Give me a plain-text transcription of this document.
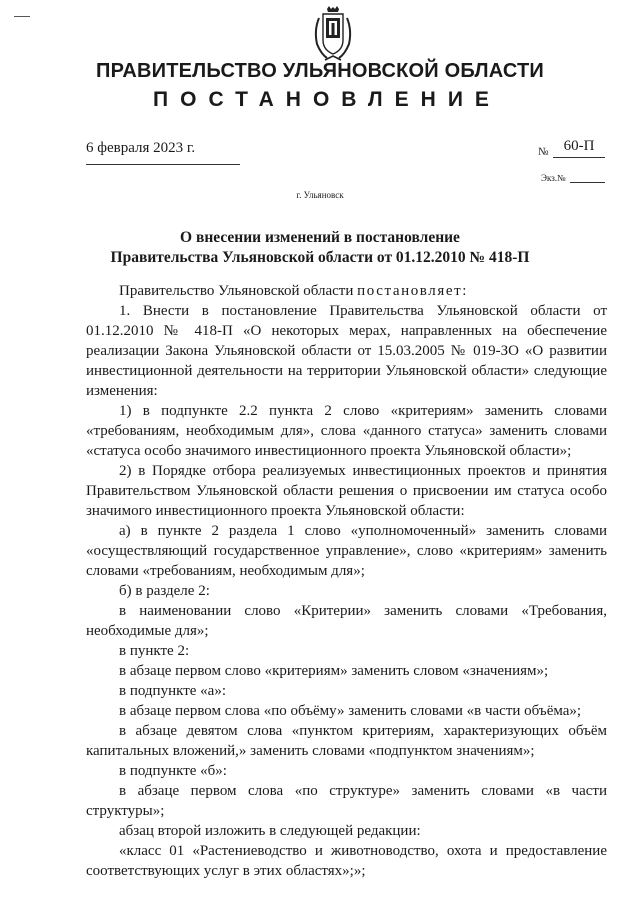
ПРАВИТЕЛЬСТВО УЛЬЯНОВСКОЙ ОБЛАСТИ
ПОСТАНОВЛЕНИЕ
6 февраля 2023 г.	№	60-П
Экз.№
г. Ульяновск
О внесении изменений в постановление
Правительства Ульяновской области от 01.12.2010 № 418-П

Правительство Ульяновской области постановляет:

1. Внести в постановление Правительства Ульяновской области от 01.12.2010 № 418-П «О некоторых мерах, направленных на обеспечение реализации Закона Ульяновской области от 15.03.2005 № 019-ЗО «О развитии инвестиционной деятельности на территории Ульяновской области» следующие изменения:

1) в подпункте 2.2 пункта 2 слово «критериям» заменить словами «требованиям, необходимым для», слова «данного статуса» заменить словами «статуса особо значимого инвестиционного проекта Ульяновской области»;

2) в Порядке отбора реализуемых инвестиционных проектов и принятия Правительством Ульяновской области решения о присвоении им статуса особо значимого инвестиционного проекта Ульяновской области:

а) в пункте 2 раздела 1 слово «уполномоченный» заменить словами «осуществляющий государственное управление», слово «критериям» заменить словами «требованиям, необходимым для»;

б) в разделе 2:

в наименовании слово «Критерии» заменить словами «Требования, необходимые для»;

в пункте 2:

в абзаце первом слово «критериям» заменить словом «значениям»;

в подпункте «а»:

в абзаце первом слова «по объёму» заменить словами «в части объёма»;

в абзаце девятом слова «пунктом критериям, характеризующих объём капитальных вложений,» заменить словами «подпунктом значениям»;

в подпункте «б»:

в абзаце первом слова «по структуре» заменить словами «в части структуры»;

абзац второй изложить в следующей редакции:

«класс 01 «Растениеводство и животноводство, охота и предоставление соответствующих услуг в этих областях»;»;
